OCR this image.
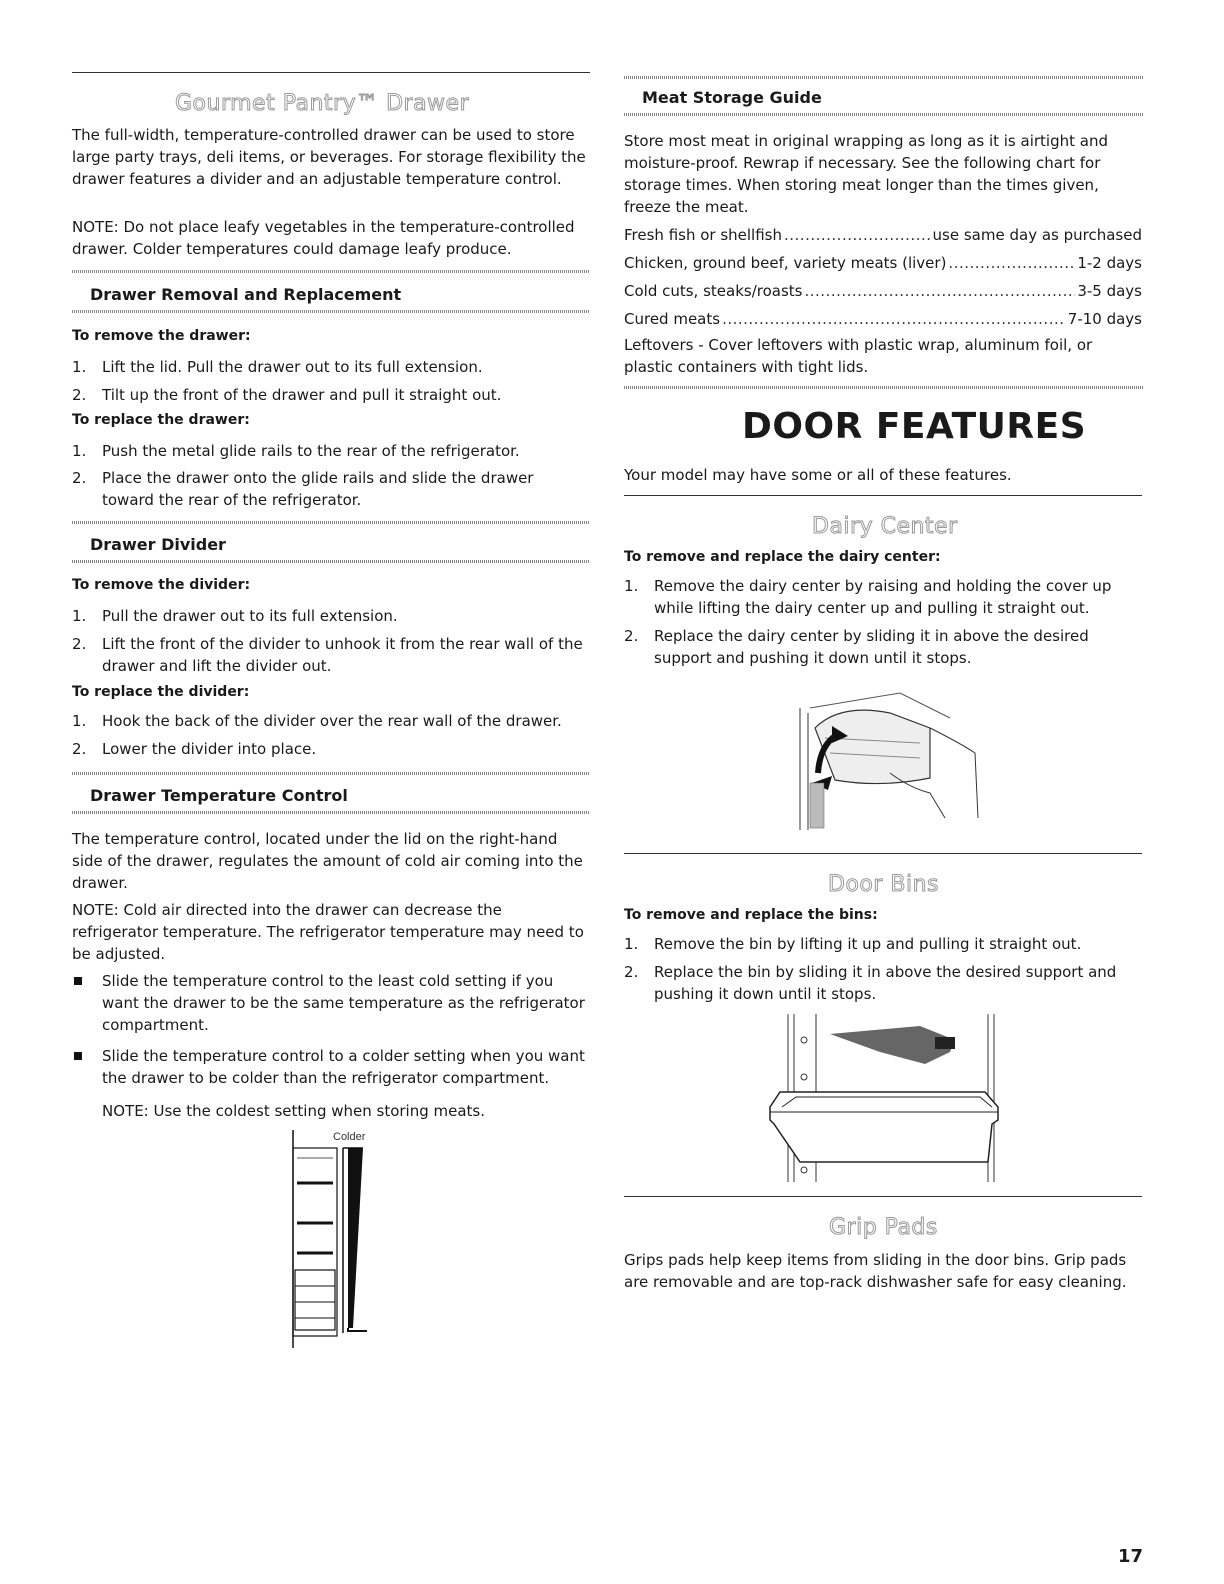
Gourmet Pantry™ Drawer

The full-width, temperature-controlled drawer can be used to store large party trays, deli items, or beverages. For storage flexibility the drawer features a divider and an adjustable temperature control.

NOTE: Do not place leafy vegetables in the temperature-controlled drawer. Colder temperatures could damage leafy produce.

Drawer Removal and Replacement
To remove the drawer:
1. Lift the lid. Pull the drawer out to its full extension.
2. Tilt up the front of the drawer and pull it straight out.
To replace the drawer:
1. Push the metal glide rails to the rear of the refrigerator.
2. Place the drawer onto the glide rails and slide the drawer toward the rear of the refrigerator.
Drawer Divider
To remove the divider:
1. Pull the drawer out to its full extension.
2. Lift the front of the divider to unhook it from the rear wall of the drawer and lift the divider out.
To replace the divider:
1. Hook the back of the divider over the rear wall of the drawer.
2. Lower the divider into place.
Drawer Temperature Control

The temperature control, located under the lid on the right-hand side of the drawer, regulates the amount of cold air coming into the drawer.

NOTE: Cold air directed into the drawer can decrease the refrigerator temperature. The refrigerator temperature may need to be adjusted.

Slide the temperature control to the least cold setting if you want the drawer to be the same temperature as the refrigerator compartment.
Slide the temperature control to a colder setting when you want the drawer to be colder than the refrigerator compartment.
NOTE: Use the coldest setting when storing meats.
Colder
Meat Storage Guide

Store most meat in original wrapping as long as it is airtight and moisture-proof. Rewrap if necessary. See the following chart for storage times. When storing meat longer than the times given, freeze the meat.

Fresh fish or shellfish .....	use same day as purchased
Chicken, ground beef, variety meats (liver) .....	1-2 days
Cold cuts, steaks/roasts .....	3-5 days
Cured meats .....	7-10 days

Leftovers - Cover leftovers with plastic wrap, aluminum foil, or plastic containers with tight lids.

DOOR FEATURES

Your model may have some or all of these features.

Dairy Center
To remove and replace the dairy center:
1. Remove the dairy center by raising and holding the cover up while lifting the dairy center up and pulling it straight out.
2. Replace the dairy center by sliding it in above the desired support and pushing it down until it stops.
Door Bins
To remove and replace the bins:
1. Remove the bin by lifting it up and pulling it straight out.
2. Replace the bin by sliding it in above the desired support and pushing it down until it stops.
Grip Pads

Grips pads help keep items from sliding in the door bins. Grip pads are removable and are top-rack dishwasher safe for easy cleaning.

17
